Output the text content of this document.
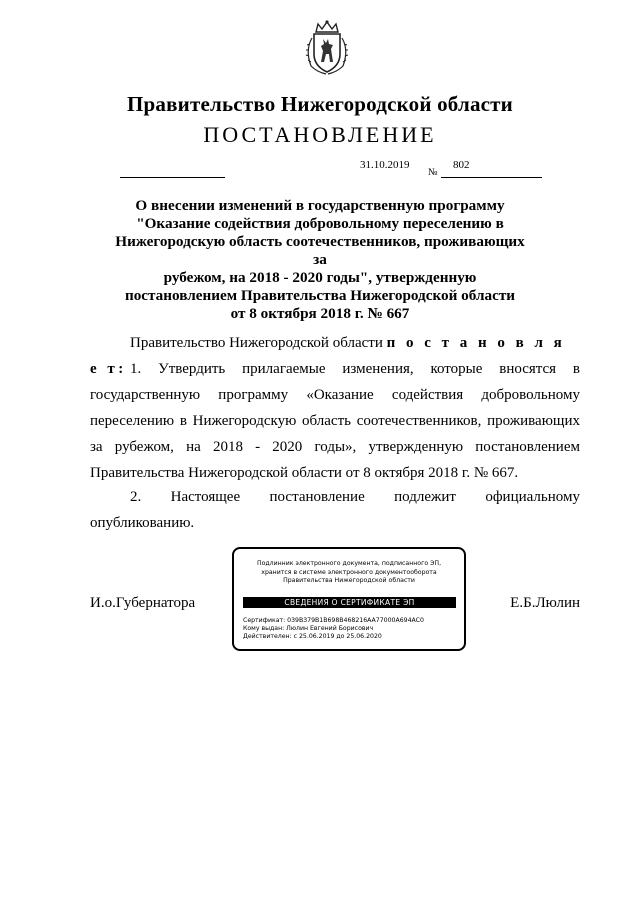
Правительство Нижегородской области
ПОСТАНОВЛЕНИЕ
31.10.2019
№
802
О внесении изменений в государственную программу
"Оказание содействия добровольному переселению в
Нижегородскую область соотечественников, проживающих за
рубежом, на 2018 - 2020 годы", утвержденную
постановлением Правительства Нижегородской области
от 8 октября 2018 г. № 667
Правительство Нижегородской области п о с т а н о в л я е т: 1. Утвердить прилагаемые изменения, которые вносятся в
государственную программу «Оказание содействия добровольному
переселению в Нижегородскую область соотечественников, проживающих
за рубежом, на 2018 - 2020 годы», утвержденную постановлением
Правительства Нижегородской области от 8 октября 2018 г. № 667.
2. Настоящее постановление подлежит официальному
опубликованию.
И.о.Губернатора	Е.Б.Люлин
Подлинник электронного документа, подписанного ЭП,
хранится в системе электронного документооборота
Правительства Нижегородской области
СВЕДЕНИЯ О СЕРТИФИКАТЕ ЭП
Сертификат: 039B379B1B698B468216AA77000A694AC0
Кому выдан: Люлин Евгений Борисович
Действителен: с 25.06.2019 до 25.06.2020
